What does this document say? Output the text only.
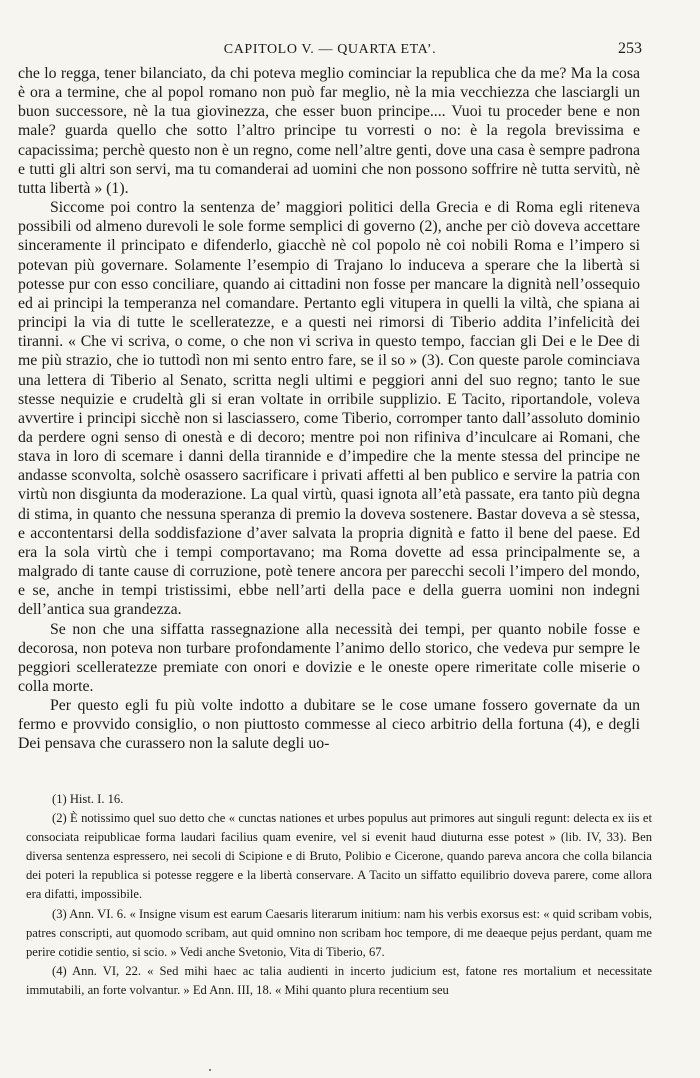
CAPITOLO V. — QUARTA ETA’.	253

che lo regga, tener bilanciato, da chi poteva meglio cominciar la republica che da me? Ma la cosa è ora a termine, che al popol romano non può far meglio, nè la mia vecchiezza che lasciargli un buon successore, nè la tua giovinezza, che esser buon principe.... Vuoi tu proceder bene e non male? guarda quello che sotto l’altro principe tu vorresti o no: è la regola brevissima e capacissima; perchè questo non è un regno, come nell’altre genti, dove una casa è sempre padrona e tutti gli altri son servi, ma tu comanderai ad uomini che non possono soffrire nè tutta servitù, nè tutta libertà » (1).

Siccome poi contro la sentenza de’ maggiori politici della Grecia e di Roma egli riteneva possibili od almeno durevoli le sole forme semplici di governo (2), anche per ciò doveva accettare sinceramente il principato e difenderlo, giacchè nè col popolo nè coi nobili Roma e l’impero si potevan più governare. Solamente l’esempio di Trajano lo induceva a sperare che la libertà si potesse pur con esso conciliare, quando ai cittadini non fosse per mancare la dignità nell’ossequio ed ai principi la temperanza nel comandare. Pertanto egli vitupera in quelli la viltà, che spiana ai principi la via di tutte le scelleratezze, e a questi nei rimorsi di Tiberio addita l’infelicità dei tiranni. « Che vi scriva, o come, o che non vi scriva in questo tempo, faccian gli Dei e le Dee di me più strazio, che io tuttodì non mi sento entro fare, se il so » (3). Con queste parole cominciava una lettera di Tiberio al Senato, scritta negli ultimi e peggiori anni del suo regno; tanto le sue stesse nequizie e crudeltà gli si eran voltate in orribile supplizio. E Tacito, riportandole, voleva avvertire i principi sicchè non si lasciassero, come Tiberio, corromper tanto dall’assoluto dominio da perdere ogni senso di onestà e di decoro; mentre poi non rifiniva d’inculcare ai Romani, che stava in loro di scemare i danni della tirannide e d’impedire che la mente stessa del principe ne andasse sconvolta, solchè osassero sacrificare i privati affetti al ben publico e servire la patria con virtù non disgiunta da moderazione. La qual virtù, quasi ignota all’età passate, era tanto più degna di stima, in quanto che nessuna speranza di premio la doveva sostenere. Bastar doveva a sè stessa, e accontentarsi della soddisfazione d’aver salvata la propria dignità e fatto il bene del paese. Ed era la sola virtù che i tempi comportavano; ma Roma dovette ad essa principalmente se, a malgrado di tante cause di corruzione, potè tenere ancora per parecchi secoli l’impero del mondo, e se, anche in tempi tristissimi, ebbe nell’arti della pace e della guerra uomini non indegni dell’antica sua grandezza.

Se non che una siffatta rassegnazione alla necessità dei tempi, per quanto nobile fosse e decorosa, non poteva non turbare profondamente l’animo dello storico, che vedeva pur sempre le peggiori scelleratezze premiate con onori e dovizie e le oneste opere rimeritate colle miserie o colla morte.

Per questo egli fu più volte indotto a dubitare se le cose umane fossero governate da un fermo e provvido consiglio, o non piuttosto commesse al cieco arbitrio della fortuna (4), e degli Dei pensava che curassero non la salute degli uo-

(1) Hist. I. 16.

(2) È notissimo quel suo detto che « cunctas nationes et urbes populus aut primores aut singuli regunt: delecta ex iis et consociata reipublicae forma laudari facilius quam evenire, vel si evenit haud diuturna esse potest » (lib. IV, 33). Ben diversa sentenza espressero, nei secoli di Scipione e di Bruto, Polibio e Cicerone, quando pareva ancora che colla bilancia dei poteri la republica si potesse reggere e la libertà conservare. A Tacito un siffatto equilibrio doveva parere, come allora era difatti, impossibile.

(3) Ann. VI. 6. « Insigne visum est earum Caesaris literarum initium: nam his verbis exorsus est: « quid scribam vobis, patres conscripti, aut quomodo scribam, aut quid omnino non scribam hoc tempore, di me deaeque pejus perdant, quam me perire cotidie sentio, si scio. » Vedi anche Svetonio, Vita di Tiberio, 67.

(4) Ann. VI, 22. « Sed mihi haec ac talia audienti in incerto judicium est, fatone res mortalium et necessitate immutabili, an forte volvantur. » Ed Ann. III, 18. « Mihi quanto plura recentium seu
